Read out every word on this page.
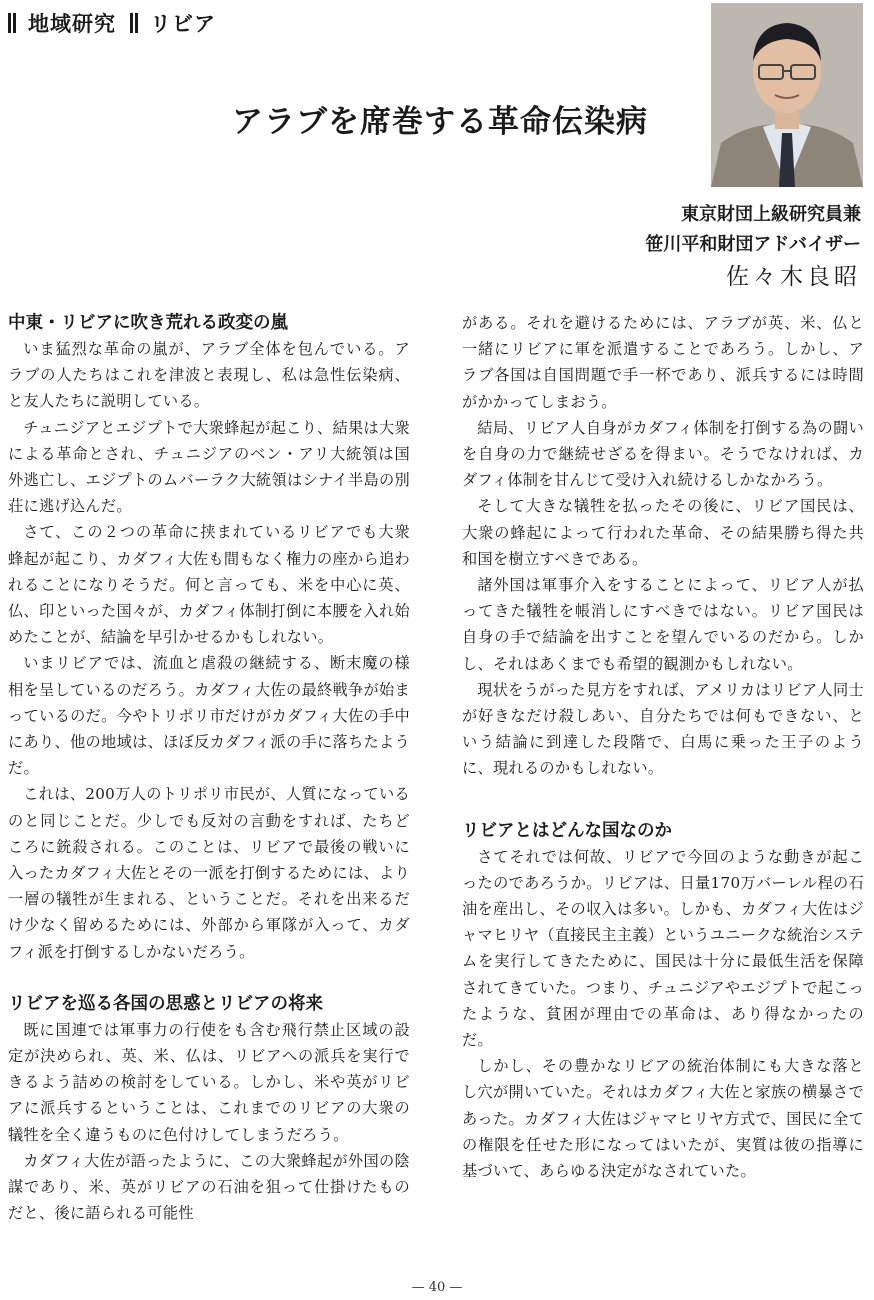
地域研究 リビア
アラブを席巻する革命伝染病
東京財団上級研究員兼
笹川平和財団アドバイザー
佐々木良昭
中東・リビアに吹き荒れる政変の嵐

いま猛烈な革命の嵐が、アラブ全体を包んでいる。アラブの人たちはこれを津波と表現し、私は急性伝染病、と友人たちに説明している。

チュニジアとエジプトで大衆蜂起が起こり、結果は大衆による革命とされ、チュニジアのベン・アリ大統領は国外逃亡し、エジプトのムバーラク大統領はシナイ半島の別荘に逃げ込んだ。

さて、この２つの革命に挟まれているリビアでも大衆蜂起が起こり、カダフィ大佐も間もなく権力の座から追われることになりそうだ。何と言っても、米を中心に英、仏、印といった国々が、カダフィ体制打倒に本腰を入れ始めたことが、結論を早引かせるかもしれない。

いまリビアでは、流血と虐殺の継続する、断末魔の様相を呈しているのだろう。カダフィ大佐の最終戦争が始まっているのだ。今やトリポリ市だけがカダフィ大佐の手中にあり、他の地域は、ほぼ反カダフィ派の手に落ちたようだ。

これは、200万人のトリポリ市民が、人質になっているのと同じことだ。少しでも反対の言動をすれば、たちどころに銃殺される。このことは、リビアで最後の戦いに入ったカダフィ大佐とその一派を打倒するためには、より一層の犠牲が生まれる、ということだ。それを出来るだけ少なく留めるためには、外部から軍隊が入って、カダフィ派を打倒するしかないだろう。

リビアを巡る各国の思惑とリビアの将来

既に国連では軍事力の行使をも含む飛行禁止区域の設定が決められ、英、米、仏は、リビアへの派兵を実行できるよう詰めの検討をしている。しかし、米や英がリビアに派兵するということは、これまでのリビアの大衆の犠牲を全く違うものに色付けしてしまうだろう。

カダフィ大佐が語ったように、この大衆蜂起が外国の陰謀であり、米、英がリビアの石油を狙って仕掛けたものだと、後に語られる可能性

がある。それを避けるためには、アラブが英、米、仏と一緒にリビアに軍を派遣することであろう。しかし、アラブ各国は自国問題で手一杯であり、派兵するには時間がかかってしまおう。

結局、リビア人自身がカダフィ体制を打倒する為の闘いを自身の力で継続せざるを得まい。そうでなければ、カダフィ体制を甘んじて受け入れ続けるしかなかろう。

そして大きな犠牲を払ったその後に、リビア国民は、大衆の蜂起によって行われた革命、その結果勝ち得た共和国を樹立すべきである。

諸外国は軍事介入をすることによって、リビア人が払ってきた犠牲を帳消しにすべきではない。リビア国民は自身の手で結論を出すことを望んでいるのだから。しかし、それはあくまでも希望的観測かもしれない。

現状をうがった見方をすれば、アメリカはリビア人同士が好きなだけ殺しあい、自分たちでは何もできない、という結論に到達した段階で、白馬に乗った王子のように、現れるのかもしれない。

リビアとはどんな国なのか

さてそれでは何故、リビアで今回のような動きが起こったのであろうか。リビアは、日量170万バーレル程の石油を産出し、その収入は多い。しかも、カダフィ大佐はジャマヒリヤ（直接民主主義）というユニークな統治システムを実行してきたために、国民は十分に最低生活を保障されてきていた。つまり、チュニジアやエジプトで起こったような、貧困が理由での革命は、あり得なかったのだ。

しかし、その豊かなリビアの統治体制にも大きな落とし穴が開いていた。それはカダフィ大佐と家族の横暴さであった。カダフィ大佐はジャマヒリヤ方式で、国民に全ての権限を任せた形になってはいたが、実質は彼の指導に基づいて、あらゆる決定がなされていた。

— 40 —
